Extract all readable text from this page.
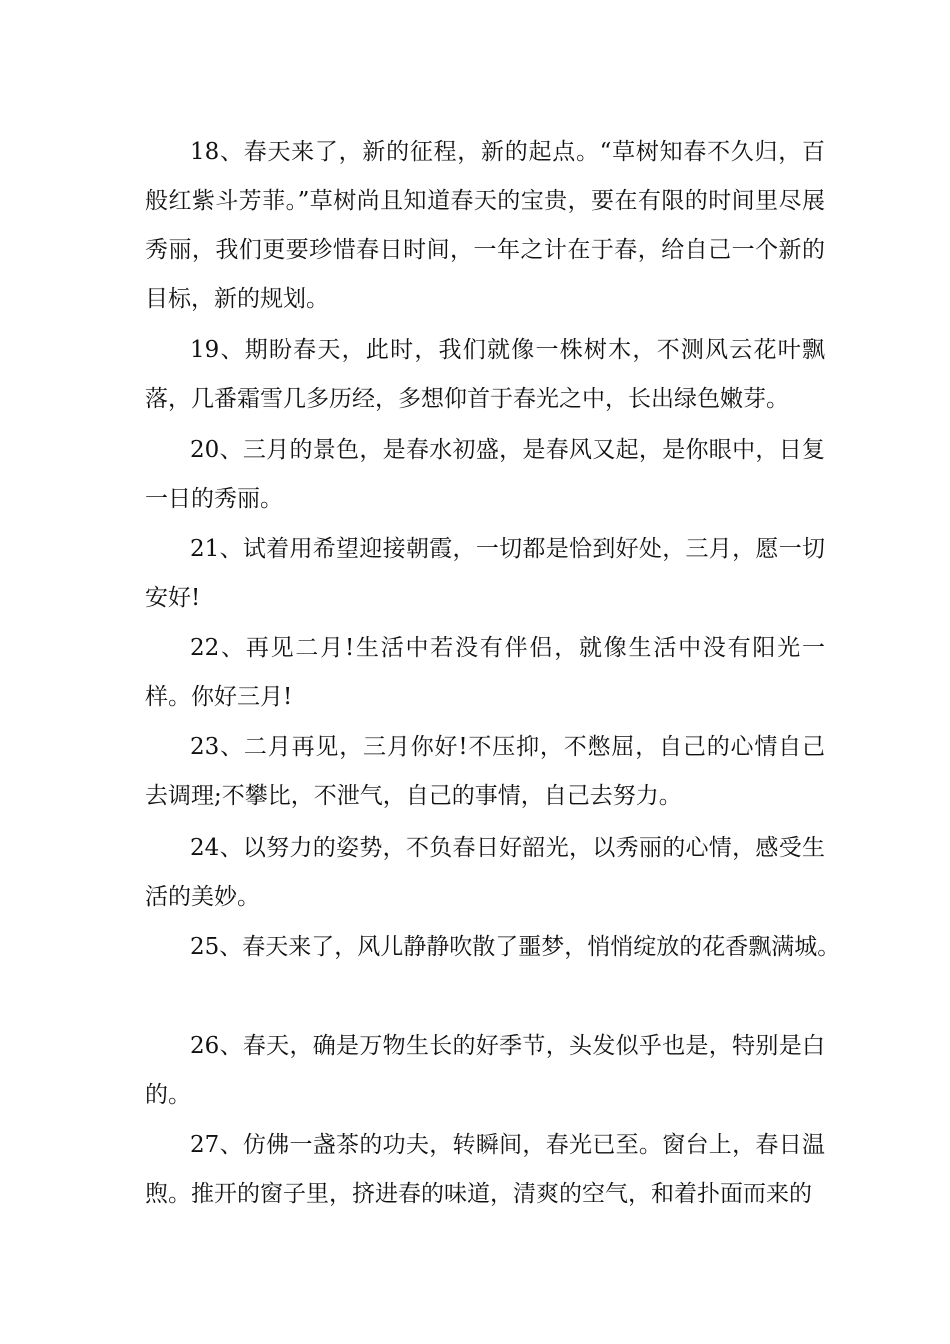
18、春天来了，新的征程，新的起点。“草树知春不久归，百般红紫斗芳菲。”草树尚且知道春天的宝贵，要在有限的时间里尽展秀丽，我们更要珍惜春日时间，一年之计在于春，给自己一个新的目标，新的规划。

19、期盼春天，此时，我们就像一株树木，不测风云花叶飘落，几番霜雪几多历经，多想仰首于春光之中，长出绿色嫩芽。

20、三月的景色，是春水初盛，是春风又起，是你眼中，日复一日的秀丽。

21、试着用希望迎接朝霞，一切都是恰到好处，三月，愿一切安好!

22、再见二月!生活中若没有伴侣，就像生活中没有阳光一样。你好三月!

23、二月再见，三月你好!不压抑，不憋屈，自己的心情自己去调理;不攀比，不泄气，自己的事情，自己去努力。

24、以努力的姿势，不负春日好韶光，以秀丽的心情，感受生活的美妙。

25、春天来了，风儿静静吹散了噩梦，悄悄绽放的花香飘满城。

26、春天，确是万物生长的好季节，头发似乎也是，特别是白的。

27、仿佛一盏茶的功夫，转瞬间，春光已至。窗台上，春日温煦。推开的窗子里，挤进春的味道，清爽的空气，和着扑面而来的
